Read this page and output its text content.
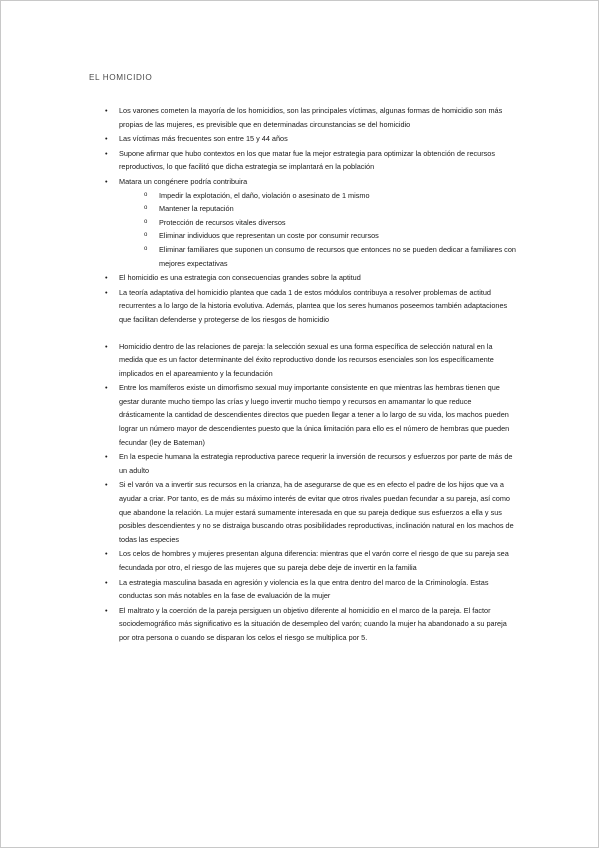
EL HOMICIDIO
• Los varones cometen la mayoría de los homicidios, son las principales víctimas, algunas formas de homicidio son más propias de las mujeres, es previsible que en determinadas circunstancias se del homicidio
• Las víctimas más frecuentes son entre 15 y 44 años
• Supone afirmar que hubo contextos en los que matar fue la mejor estrategia para optimizar la obtención de recursos reproductivos, lo que facilitó que dicha estrategia se implantará en la población
• Matara un congénere podría contribuira
o Impedir la explotación, el daño, violación o asesinato de 1 mismo
o Mantener la reputación
o Protección de recursos vitales diversos
o Eliminar individuos que representan un coste por consumir recursos
o Eliminar familiares que suponen un consumo de recursos que entonces no se pueden dedicar a familiares con mejores expectativas
• El homicidio es una estrategia con consecuencias grandes sobre la aptitud
• La teoría adaptativa del homicidio plantea que cada 1 de estos módulos contribuya a resolver problemas de actitud recurrentes a lo largo de la historia evolutiva. Además, plantea que los seres humanos poseemos también adaptaciones que facilitan defenderse y protegerse de los riesgos de homicidio
• Homicidio dentro de las relaciones de pareja: la selección sexual es una forma específica de selección natural en la medida que es un factor determinante del éxito reproductivo donde los recursos esenciales son los específicamente implicados en el apareamiento y la fecundación
• Entre los mamíferos existe un dimorfismo sexual muy importante consistente en que mientras las hembras tienen que gestar durante mucho tiempo las crías y luego invertir mucho tiempo y recursos en amamantar lo que reduce drásticamente la cantidad de descendientes directos que pueden llegar a tener a lo largo de su vida, los machos pueden lograr un número mayor de descendientes puesto que la única limitación para ello es el número de hembras que pueden fecundar (ley de Bateman)
• En la especie humana la estrategia reproductiva parece requerir la inversión de recursos y esfuerzos por parte de más de un adulto
• Si el varón va a invertir sus recursos en la crianza, ha de asegurarse de que es en efecto el padre de los hijos que va a ayudar a criar. Por tanto, es de más su máximo interés de evitar que otros rivales puedan fecundar a su pareja, así como que abandone la relación. La mujer estará sumamente interesada en que su pareja dedique sus esfuerzos a ella y sus posibles descendientes y no se distraiga buscando otras posibilidades reproductivas, inclinación natural en los machos de todas las especies
• Los celos de hombres y mujeres presentan alguna diferencia: mientras que el varón corre el riesgo de que su pareja sea fecundada por otro, el riesgo de las mujeres que su pareja debe deje de invertir en la familia
• La estrategia masculina basada en agresión y violencia es la que entra dentro del marco de la Criminología. Estas conductas son más notables en la fase de evaluación de la mujer
• El maltrato y la coerción de la pareja persiguen un objetivo diferente al homicidio en el marco de la pareja. El factor sociodemográfico más significativo es la situación de desempleo del varón; cuando la mujer ha abandonado a su pareja por otra persona o cuando se disparan los celos el riesgo se multiplica por 5.
